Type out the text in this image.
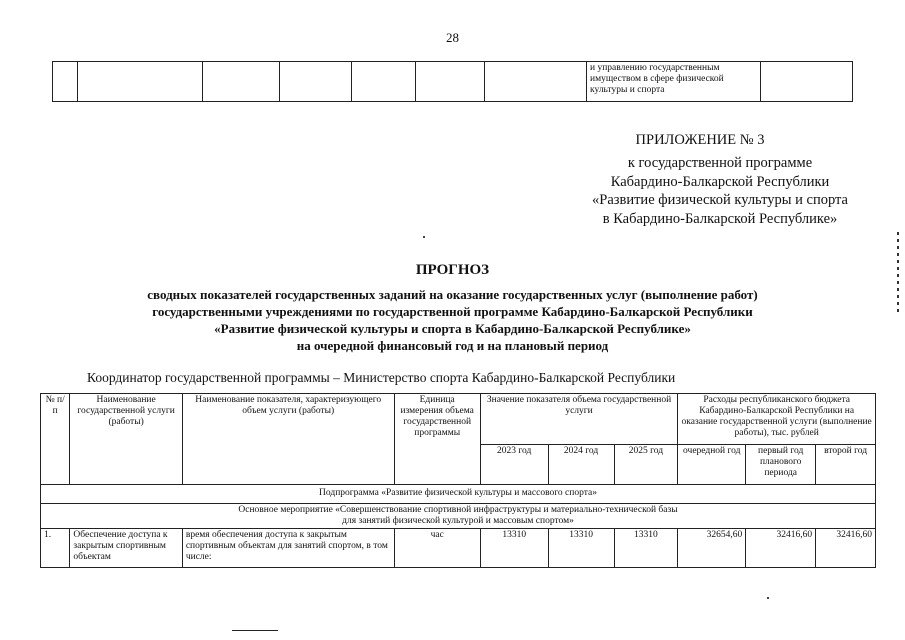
28
							и управлению государственным имуществом в сфере физической культуры и спорта	
ПРИЛОЖЕНИЕ № 3
к государственной программе
Кабардино-Балкарской Республики
«Развитие физической культуры и спорта
в Кабардино-Балкарской Республике»
ПРОГНОЗ
сводных показателей государственных заданий на оказание государственных услуг (выполнение работ)
государственными учреждениями по государственной программе Кабардино-Балкарской Республики
«Развитие физической культуры и спорта в Кабардино-Балкарской Республике»
на очередной финансовый год и на плановый период
Координатор государственной программы – Министерство спорта Кабардино-Балкарской Республики
№ п/п	Наименование государственной услуги (работы)	Наименование показателя, характеризующего объем услуги (работы)	Единица измерения объема государственной программы	Значение показателя объема государственной услуги			Расходы республиканского бюджета Кабардино-Балкарской Республики на оказание государственной услуги (выполнение работы), тыс. рублей		
				2023 год	2024 год	2025 год	очередной год	первый год планового периода	второй год
Подпрограмма «Развитие физической культуры и массового спорта»									

Основное мероприятие «Совершенствование спортивной инфраструктуры и материально-технической базы
для занятий физической культурой и массовым спортом»									

1.	Обеспечение доступа к закрытым спортивным объектам	время обеспечения доступа к закрытым спортивным объектам для занятий спортом, в том числе:	час	13310	13310	13310	32654,60	32416,60	32416,60
